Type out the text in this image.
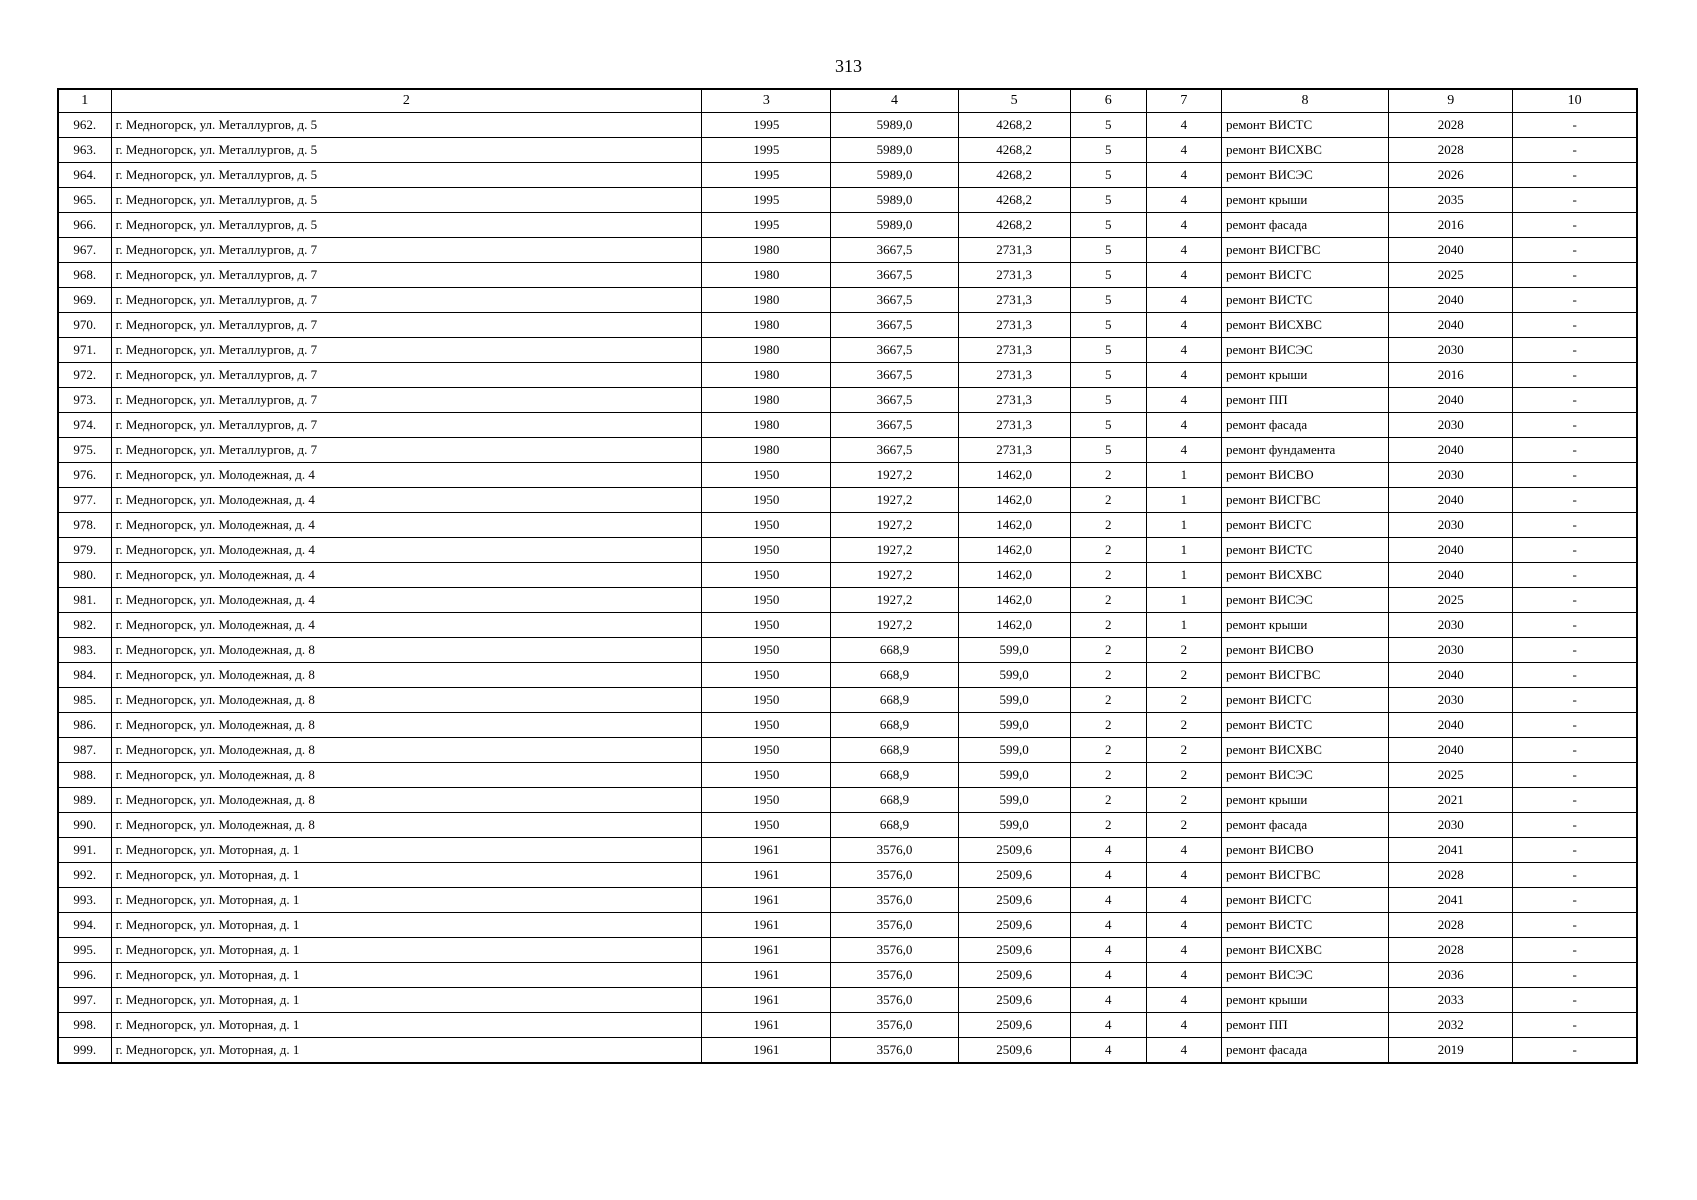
313
1	2	3	4	5	6	7	8	9	10
962.	г. Медногорск, ул. Металлургов, д. 5	1995	5989,0	4268,2	5	4	ремонт ВИСТС	2028	-
963.	г. Медногорск, ул. Металлургов, д. 5	1995	5989,0	4268,2	5	4	ремонт ВИСХВС	2028	-
964.	г. Медногорск, ул. Металлургов, д. 5	1995	5989,0	4268,2	5	4	ремонт ВИСЭС	2026	-
965.	г. Медногорск, ул. Металлургов, д. 5	1995	5989,0	4268,2	5	4	ремонт крыши	2035	-
966.	г. Медногорск, ул. Металлургов, д. 5	1995	5989,0	4268,2	5	4	ремонт фасада	2016	-
967.	г. Медногорск, ул. Металлургов, д. 7	1980	3667,5	2731,3	5	4	ремонт ВИСГВС	2040	-
968.	г. Медногорск, ул. Металлургов, д. 7	1980	3667,5	2731,3	5	4	ремонт ВИСГС	2025	-
969.	г. Медногорск, ул. Металлургов, д. 7	1980	3667,5	2731,3	5	4	ремонт ВИСТС	2040	-
970.	г. Медногорск, ул. Металлургов, д. 7	1980	3667,5	2731,3	5	4	ремонт ВИСХВС	2040	-
971.	г. Медногорск, ул. Металлургов, д. 7	1980	3667,5	2731,3	5	4	ремонт ВИСЭС	2030	-
972.	г. Медногорск, ул. Металлургов, д. 7	1980	3667,5	2731,3	5	4	ремонт крыши	2016	-
973.	г. Медногорск, ул. Металлургов, д. 7	1980	3667,5	2731,3	5	4	ремонт ПП	2040	-
974.	г. Медногорск, ул. Металлургов, д. 7	1980	3667,5	2731,3	5	4	ремонт фасада	2030	-
975.	г. Медногорск, ул. Металлургов, д. 7	1980	3667,5	2731,3	5	4	ремонт фундамента	2040	-
976.	г. Медногорск, ул. Молодежная, д. 4	1950	1927,2	1462,0	2	1	ремонт ВИСВО	2030	-
977.	г. Медногорск, ул. Молодежная, д. 4	1950	1927,2	1462,0	2	1	ремонт ВИСГВС	2040	-
978.	г. Медногорск, ул. Молодежная, д. 4	1950	1927,2	1462,0	2	1	ремонт ВИСГС	2030	-
979.	г. Медногорск, ул. Молодежная, д. 4	1950	1927,2	1462,0	2	1	ремонт ВИСТС	2040	-
980.	г. Медногорск, ул. Молодежная, д. 4	1950	1927,2	1462,0	2	1	ремонт ВИСХВС	2040	-
981.	г. Медногорск, ул. Молодежная, д. 4	1950	1927,2	1462,0	2	1	ремонт ВИСЭС	2025	-
982.	г. Медногорск, ул. Молодежная, д. 4	1950	1927,2	1462,0	2	1	ремонт крыши	2030	-
983.	г. Медногорск, ул. Молодежная, д. 8	1950	668,9	599,0	2	2	ремонт ВИСВО	2030	-
984.	г. Медногорск, ул. Молодежная, д. 8	1950	668,9	599,0	2	2	ремонт ВИСГВС	2040	-
985.	г. Медногорск, ул. Молодежная, д. 8	1950	668,9	599,0	2	2	ремонт ВИСГС	2030	-
986.	г. Медногорск, ул. Молодежная, д. 8	1950	668,9	599,0	2	2	ремонт ВИСТС	2040	-
987.	г. Медногорск, ул. Молодежная, д. 8	1950	668,9	599,0	2	2	ремонт ВИСХВС	2040	-
988.	г. Медногорск, ул. Молодежная, д. 8	1950	668,9	599,0	2	2	ремонт ВИСЭС	2025	-
989.	г. Медногорск, ул. Молодежная, д. 8	1950	668,9	599,0	2	2	ремонт крыши	2021	-
990.	г. Медногорск, ул. Молодежная, д. 8	1950	668,9	599,0	2	2	ремонт фасада	2030	-
991.	г. Медногорск, ул. Моторная, д. 1	1961	3576,0	2509,6	4	4	ремонт ВИСВО	2041	-
992.	г. Медногорск, ул. Моторная, д. 1	1961	3576,0	2509,6	4	4	ремонт ВИСГВС	2028	-
993.	г. Медногорск, ул. Моторная, д. 1	1961	3576,0	2509,6	4	4	ремонт ВИСГС	2041	-
994.	г. Медногорск, ул. Моторная, д. 1	1961	3576,0	2509,6	4	4	ремонт ВИСТС	2028	-
995.	г. Медногорск, ул. Моторная, д. 1	1961	3576,0	2509,6	4	4	ремонт ВИСХВС	2028	-
996.	г. Медногорск, ул. Моторная, д. 1	1961	3576,0	2509,6	4	4	ремонт ВИСЭС	2036	-
997.	г. Медногорск, ул. Моторная, д. 1	1961	3576,0	2509,6	4	4	ремонт крыши	2033	-
998.	г. Медногорск, ул. Моторная, д. 1	1961	3576,0	2509,6	4	4	ремонт ПП	2032	-
999.	г. Медногорск, ул. Моторная, д. 1	1961	3576,0	2509,6	4	4	ремонт фасада	2019	-
